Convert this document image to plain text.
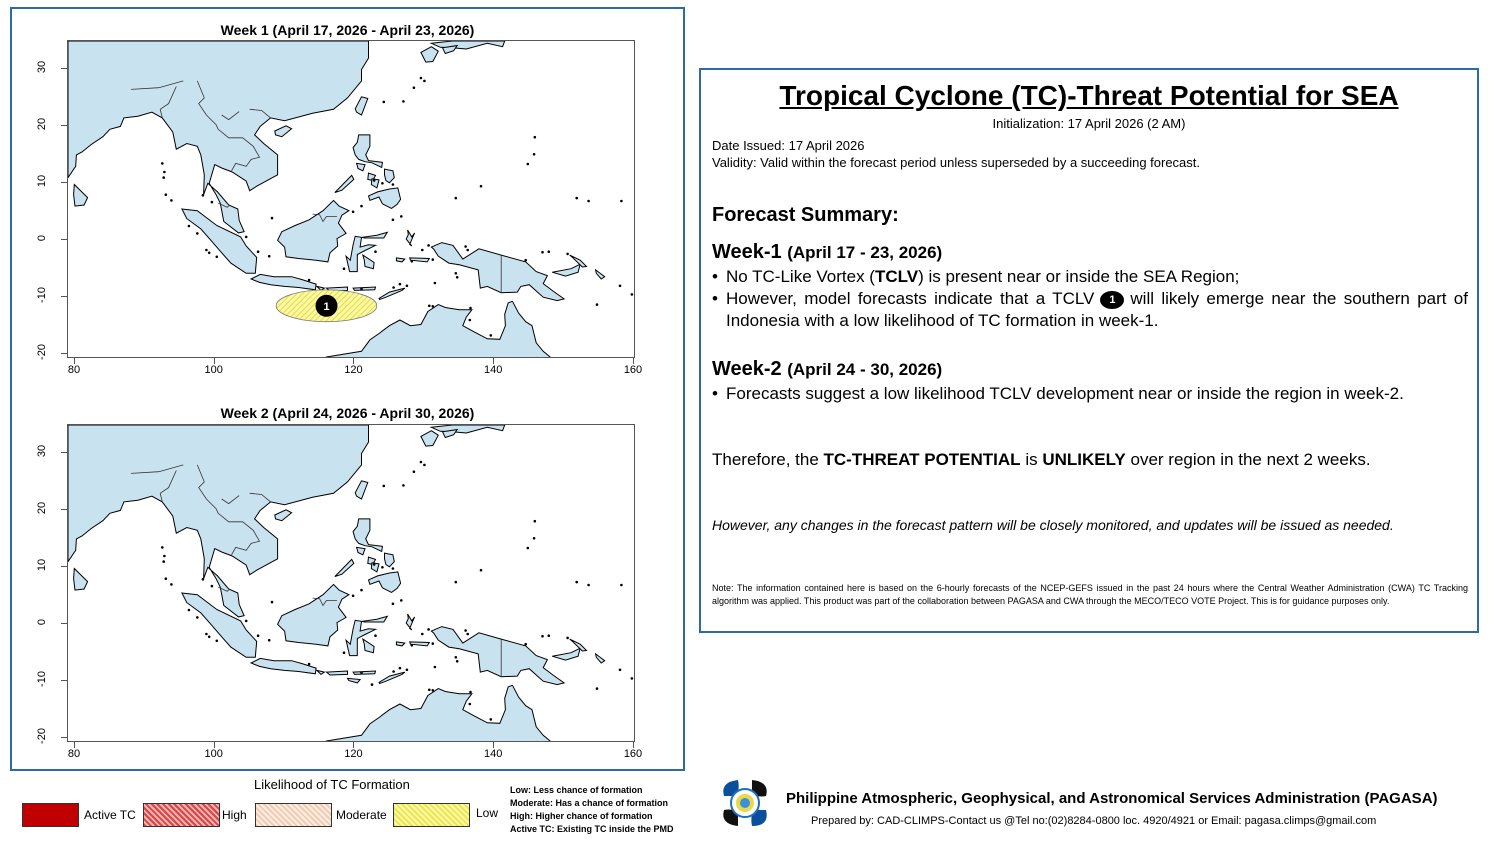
Week 1 (April 17, 2026 - April 23, 2026)
1
Week 2 (April 24, 2026 - April 30, 2026)
30
20
10
0
-10
-20
80	100	120	140	160
30
20
10
0
-10
-20
80	100	120	140	160
Tropical Cyclone (TC)-Threat Potential for SEA
Initialization: 17 April 2026 (2 AM)
Date Issued: 17 April 2026
Validity: Valid within the forecast period unless superseded by a succeeding forecast.
Forecast Summary:
Week-1 (April 17 - 23, 2026)
• No TC-Like Vortex (TCLV) is present near or inside the SEA Region;
• However, model forecasts indicate that a TCLV 1 will likely emerge near the southern part of Indonesia with a low likelihood of TC formation in week-1.
Week-2 (April 24 - 30, 2026)
• Forecasts suggest a low likelihood TCLV development near or inside the region in week-2.
Therefore, the TC-THREAT POTENTIAL is UNLIKELY over region in the next 2 weeks.
However, any changes in the forecast pattern will be closely monitored, and updates will be issued as needed.
Note: The information contained here is based on the 6-hourly forecasts of the NCEP-GEFS issued in the past 24 hours where the Central Weather Administration (CWA) TC Tracking algorithm was applied. This product was part of the collaboration between PAGASA and CWA through the MECO/TECO VOTE Project. This is for guidance purposes only.
Likelihood of TC Formation
Active TC	High	Moderate	Low
Low: Less chance of formation
Moderate: Has a chance of formation
High: Higher chance of formation
Active TC: Existing TC inside the PMD
Philippine Atmospheric, Geophysical, and Astronomical Services Administration (PAGASA)
Prepared by: CAD-CLIMPS-Contact us @Tel no:(02)8284-0800 loc. 4920/4921 or Email: pagasa.climps@gmail.com
